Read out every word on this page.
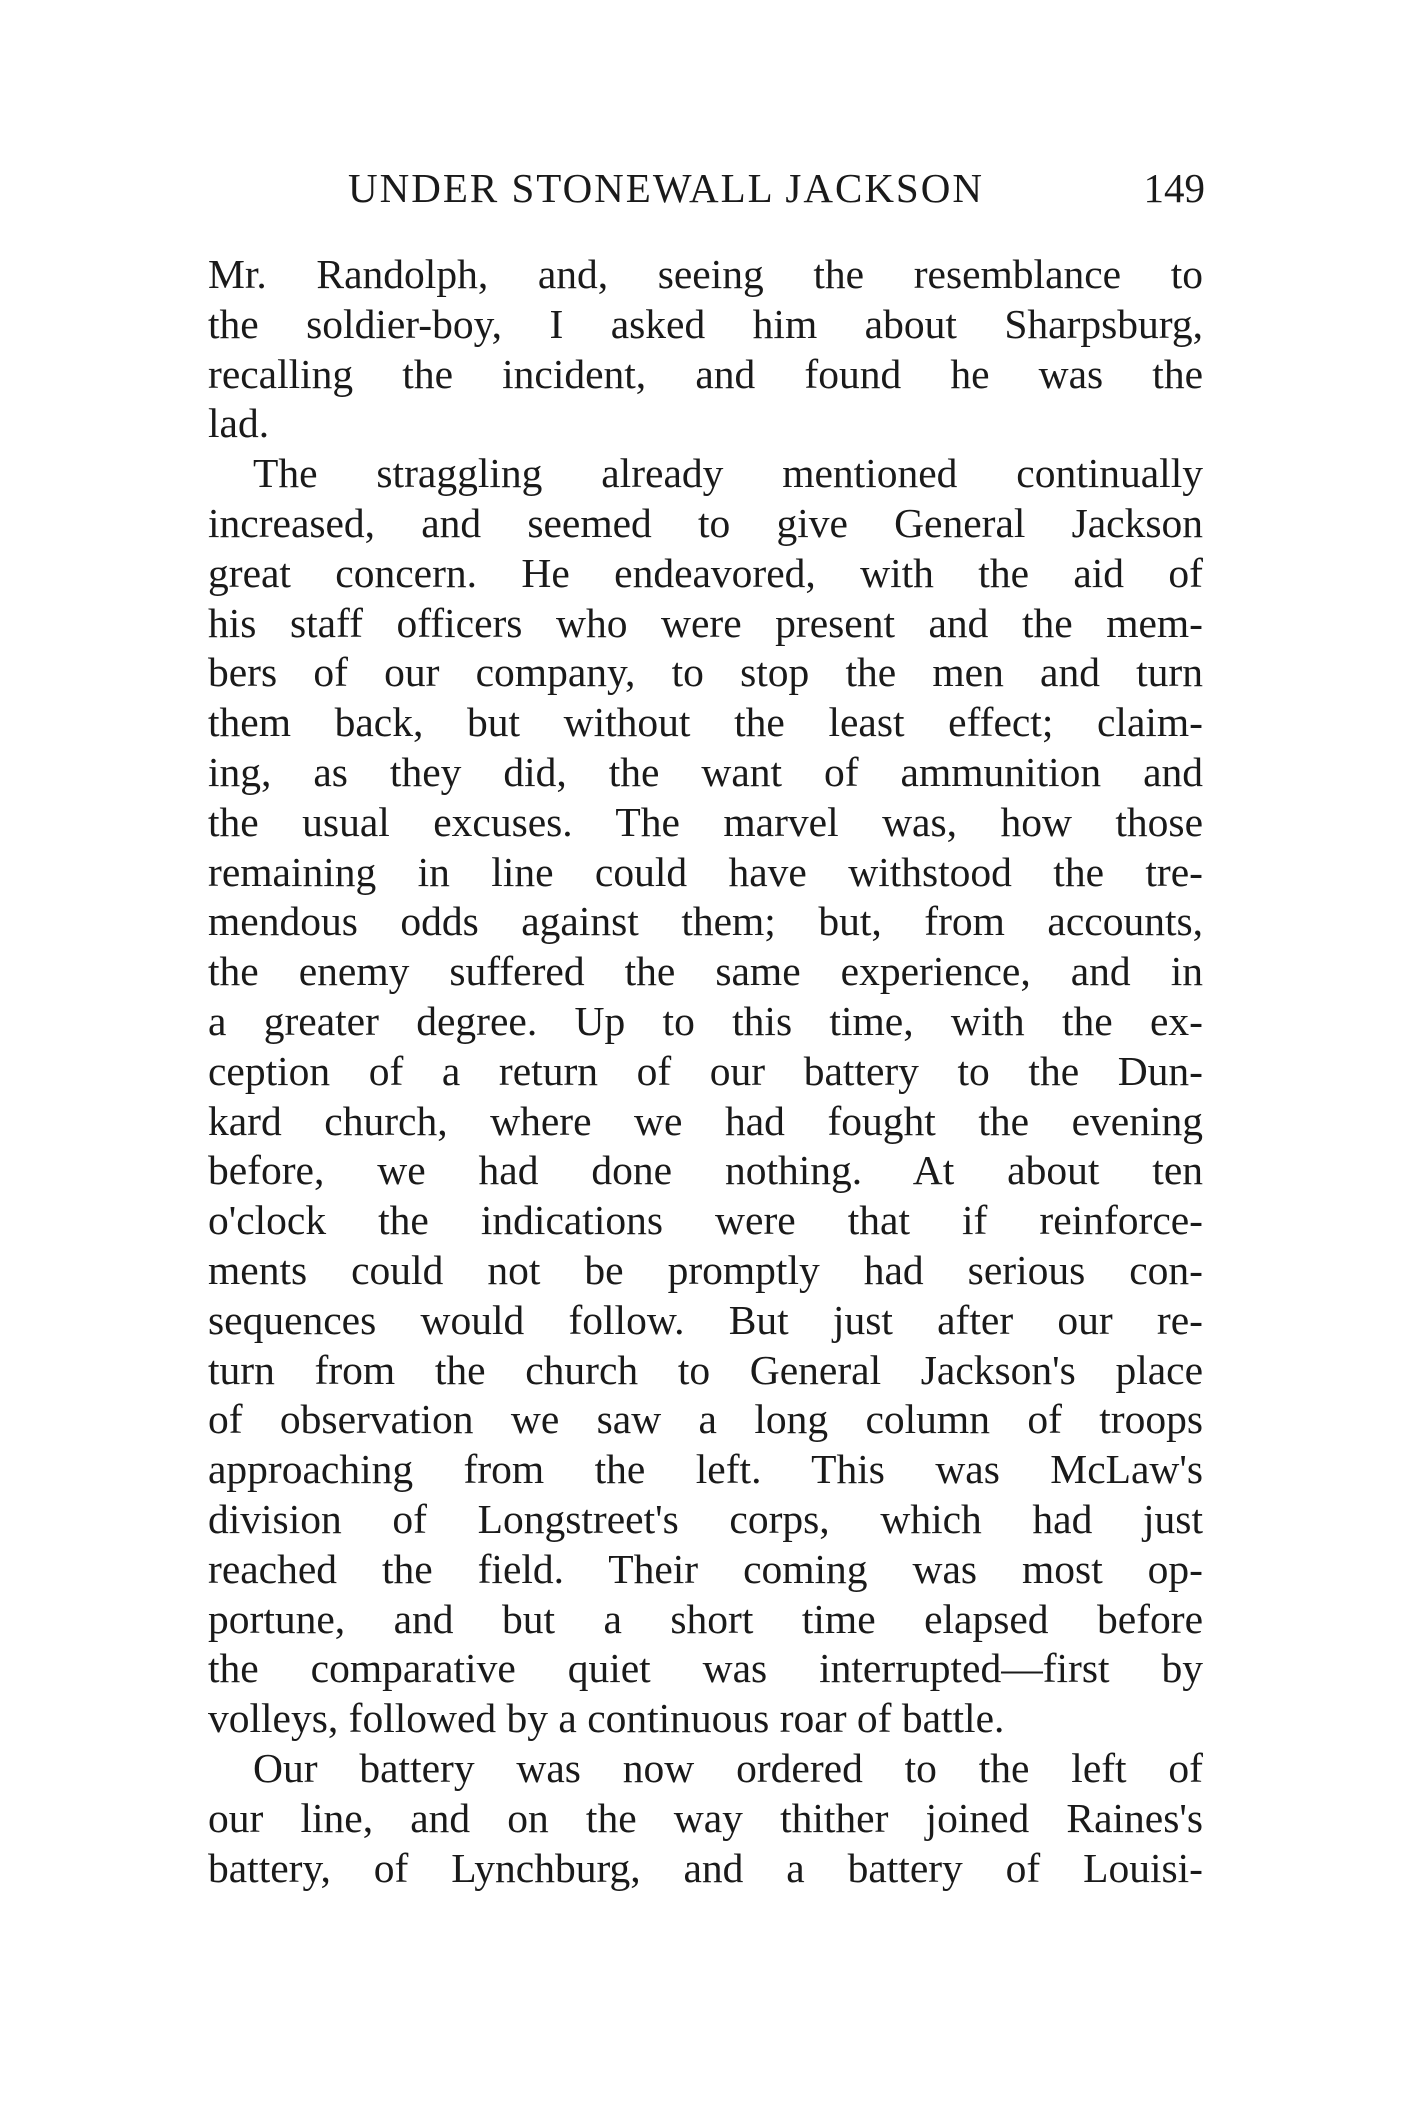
UNDER STONEWALL JACKSON	149
Mr. Randolph, and, seeing the resemblance to
the soldier-boy, I asked him about Sharpsburg,
recalling the incident, and found he was the
lad.
The straggling already mentioned continually
increased, and seemed to give General Jackson
great concern. He endeavored, with the aid of
his staff officers who were present and the mem-
bers of our company, to stop the men and turn
them back, but without the least effect; claim-
ing, as they did, the want of ammunition and
the usual excuses. The marvel was, how those
remaining in line could have withstood the tre-
mendous odds against them; but, from accounts,
the enemy suffered the same experience, and in
a greater degree. Up to this time, with the ex-
ception of a return of our battery to the Dun-
kard church, where we had fought the evening
before, we had done nothing. At about ten
o'clock the indications were that if reinforce-
ments could not be promptly had serious con-
sequences would follow. But just after our re-
turn from the church to General Jackson's place
of observation we saw a long column of troops
approaching from the left. This was McLaw's
division of Longstreet's corps, which had just
reached the field. Their coming was most op-
portune, and but a short time elapsed before
the comparative quiet was interrupted—first by
volleys, followed by a continuous roar of battle.
Our battery was now ordered to the left of
our line, and on the way thither joined Raines's
battery, of Lynchburg, and a battery of Louisi-
